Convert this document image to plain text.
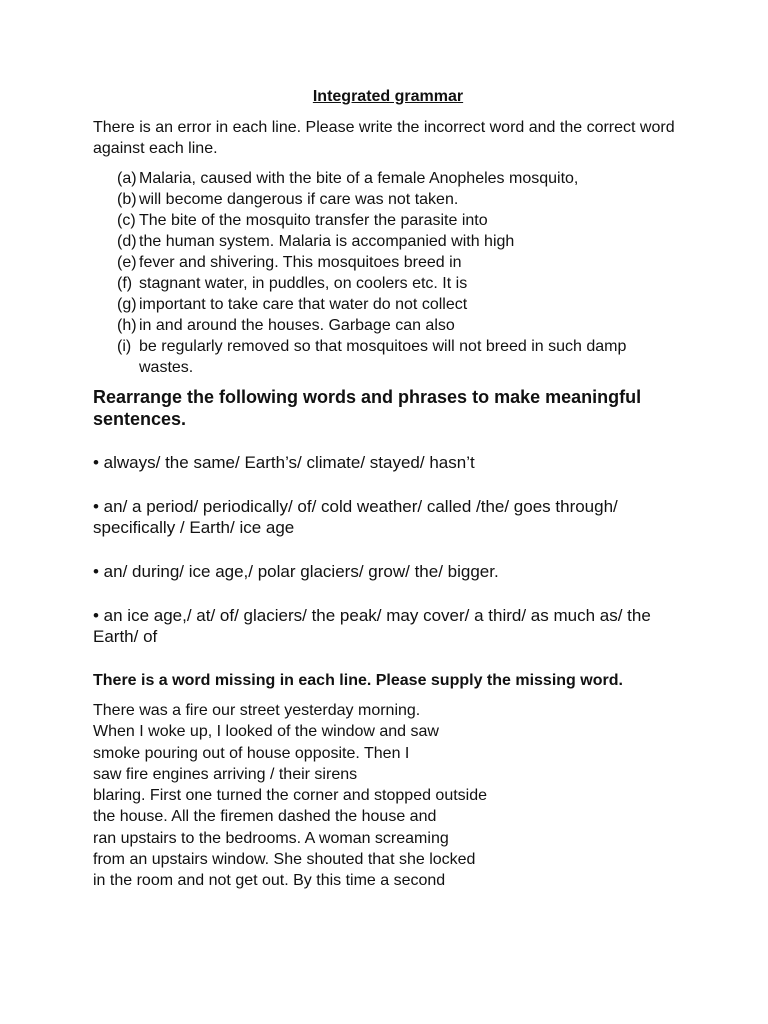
Integrated grammar

There is an error in each line. Please write the incorrect word and the correct word against each line.

(a) Malaria, caused with the bite of a female Anopheles mosquito,
(b) will become dangerous if care was not taken.
(c) The bite of the mosquito transfer the parasite into
(d) the human system. Malaria is accompanied with high
(e) fever and shivering. This mosquitoes breed in
(f) stagnant water, in puddles, on coolers etc. It is
(g) important to take care that water do not collect
(h) in and around the houses. Garbage can also
(i) be regularly removed so that mosquitoes will not breed in such damp wastes.
Rearrange the following words and phrases to make meaningful sentences.

• always/ the same/ Earth’s/ climate/ stayed/ hasn’t

• an/ a period/ periodically/ of/ cold weather/ called /the/ goes through/ specifically / Earth/ ice age

• an/ during/ ice age,/ polar glaciers/ grow/ the/ bigger.

• an ice age,/ at/ of/ glaciers/ the peak/ may cover/ a third/ as much as/ the Earth/ of

There is a word missing in each line. Please supply the missing word.

There was a fire our street yesterday morning.
When I woke up, I looked of the window and saw
smoke pouring out of house opposite. Then I
saw fire engines arriving / their sirens
blaring. First one turned the corner and stopped outside
the house. All the firemen dashed the house and
ran upstairs to the bedrooms. A woman screaming
from an upstairs window. She shouted that she locked
in the room and not get out. By this time a second
